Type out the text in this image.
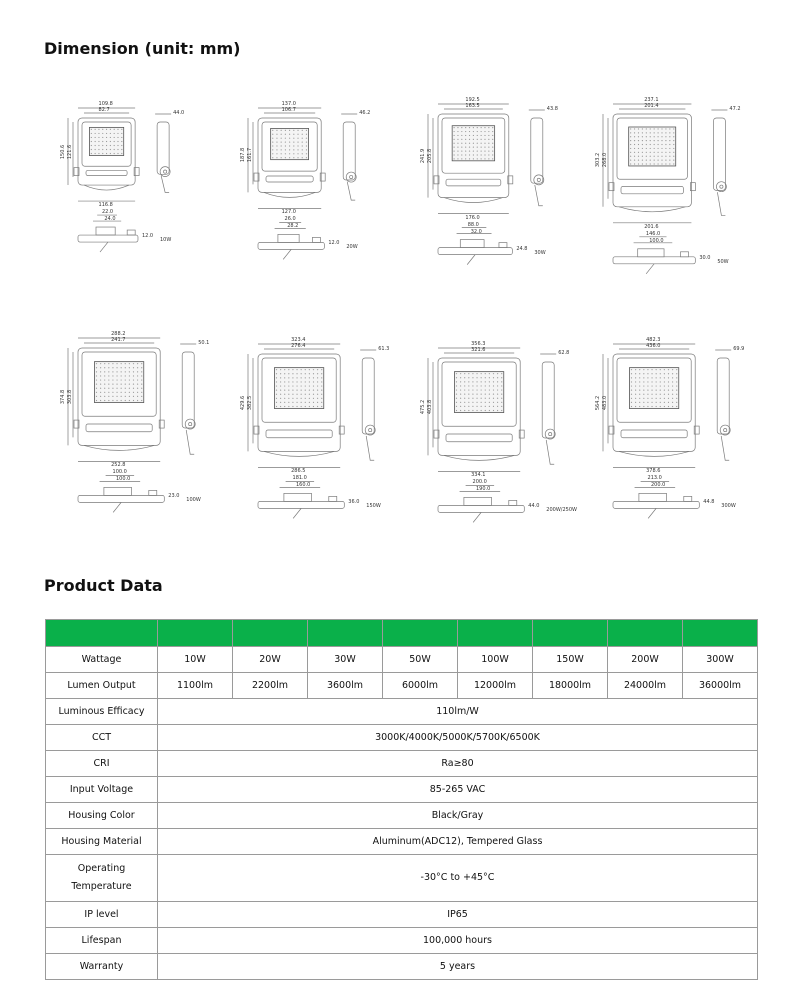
Dimension (unit: mm)
109.8
82.7
116.8
150.6 121.6
44.0
22.0
24.0
12.0
10W
137.0
106.7
127.0
187.8 161.7
46.2
26.0
28.2
12.0
20W
192.5
163.5
176.0
241.9 205.8
43.8
88.0
32.0
24.8
30W
237.1
201.4
201.6
303.2 268.0
47.2
146.0
100.0
30.0
50W
288.2
241.7
252.8
374.8 303.8
50.1
100.0
100.0
23.0
100W
323.4
276.4
286.5
429.6 382.5
61.3
181.0
160.0
36.0
150W
356.3
321.6
334.1
475.2 403.8
62.8
200.0
190.0
44.0
200W/250W
482.3
436.0
378.6
564.2 483.0
69.9
213.0
200.0
44.8
300W
Product Data

Wattage	10W	20W	30W	50W	100W	150W	200W	300W
Lumen Output	1100lm	2200lm	3600lm	6000lm	12000lm	18000lm	24000lm	36000lm
Luminous Efficacy	110lm/W							
CCT	3000K/4000K/5000K/5700K/6500K							
CRI	Ra≥80							
Input Voltage	85-265 VAC							
Housing Color	Black/Gray							
Housing Material	Aluminum(ADC12), Tempered Glass							

Operating
Temperature	-30°C to +45°C							
IP level	IP65							
Lifespan	100,000 hours							
Warranty	5 years							
